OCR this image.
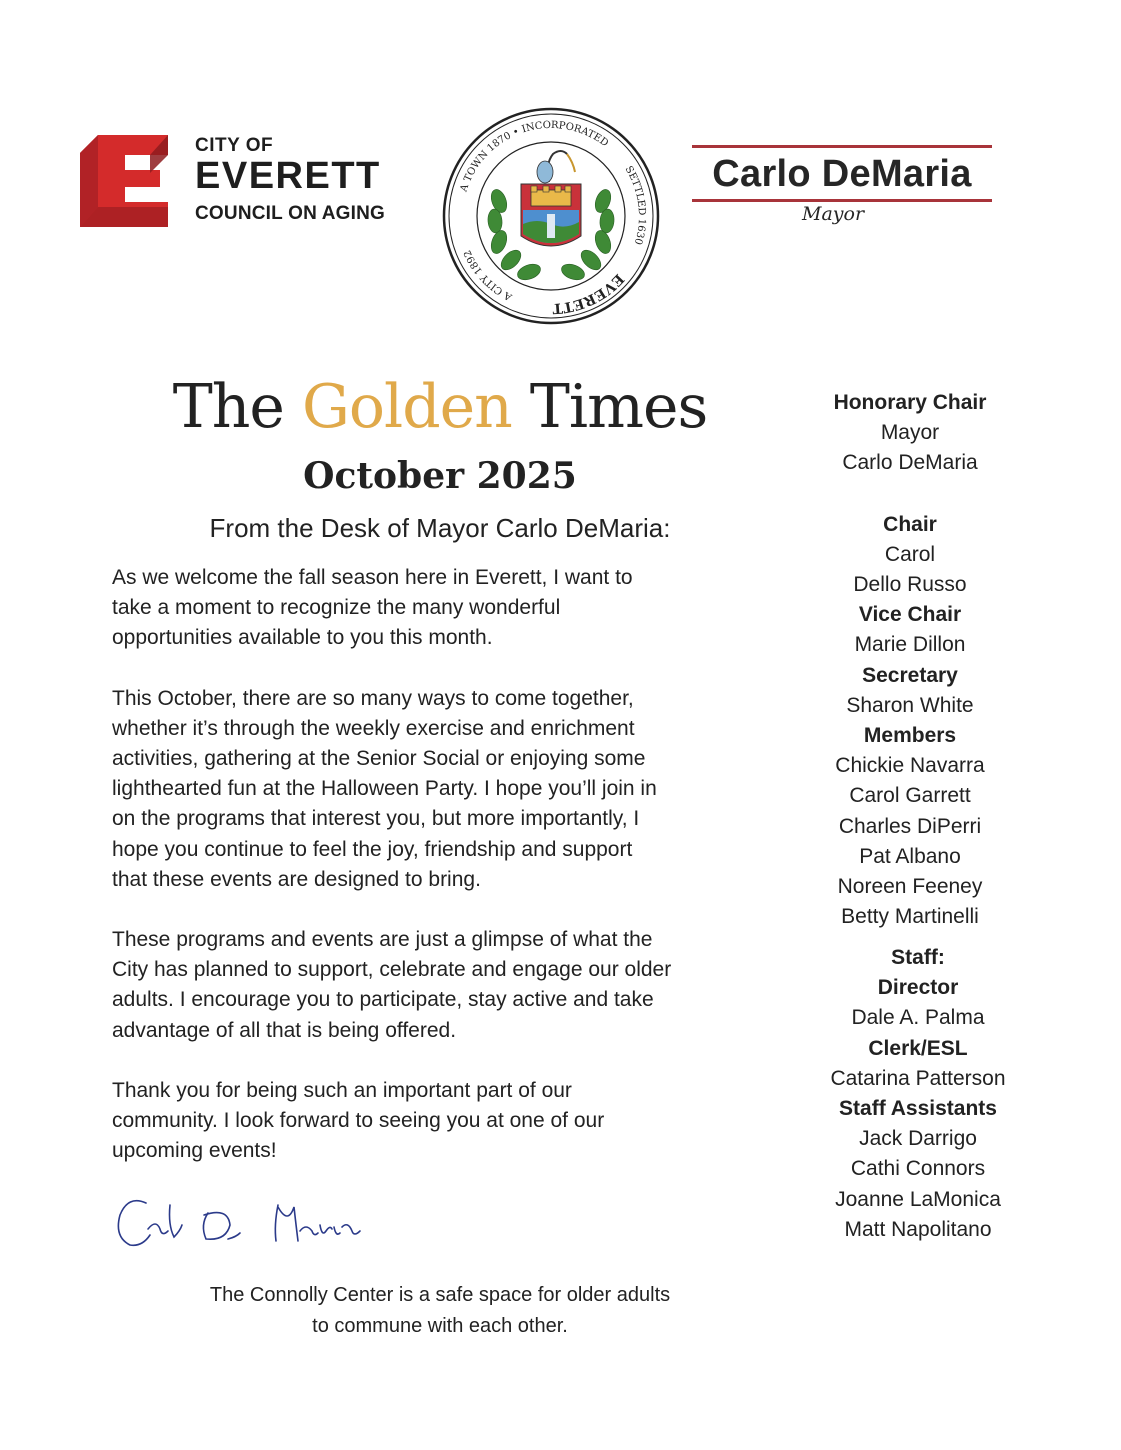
CITY OF
EVERETT
COUNCIL ON AGING
EVERETT
SETTLED 1630
A CITY 1892
A TOWN 1870 • INCORPORATED
Carlo DeMaria
Mayor
The Golden Times
October 2025
From the Desk of Mayor Carlo DeMaria:

As we welcome the fall season here in Everett, I want to
take a moment to recognize the many wonderful
opportunities available to you this month.

This October, there are so many ways to come together,
whether it’s through the weekly exercise and enrichment
activities, gathering at the Senior Social or enjoying some
lighthearted fun at the Halloween Party. I hope you’ll join in
on the programs that interest you, but more importantly, I
hope you continue to feel the joy, friendship and support
that these events are designed to bring.

These programs and events are just a glimpse of what the
City has planned to support, celebrate and engage our older
adults. I encourage you to participate, stay active and take
advantage of all that is being offered.

Thank you for being such an important part of our
community. I look forward to seeing you at one of our
upcoming events!

The Connolly Center is a safe space for older adults
to commune with each other.
Honorary Chair
Mayor
Carlo DeMaria
Chair
Carol
Dello Russo
Vice Chair
Marie Dillon
Secretary
Sharon White
Members
Chickie Navarra
Carol Garrett
Charles DiPerri
Pat Albano
Noreen Feeney
Betty Martinelli
Staff:
Director
Dale A. Palma
Clerk/ESL
Catarina Patterson
Staff Assistants
Jack Darrigo
Cathi Connors
Joanne LaMonica
Matt Napolitano
